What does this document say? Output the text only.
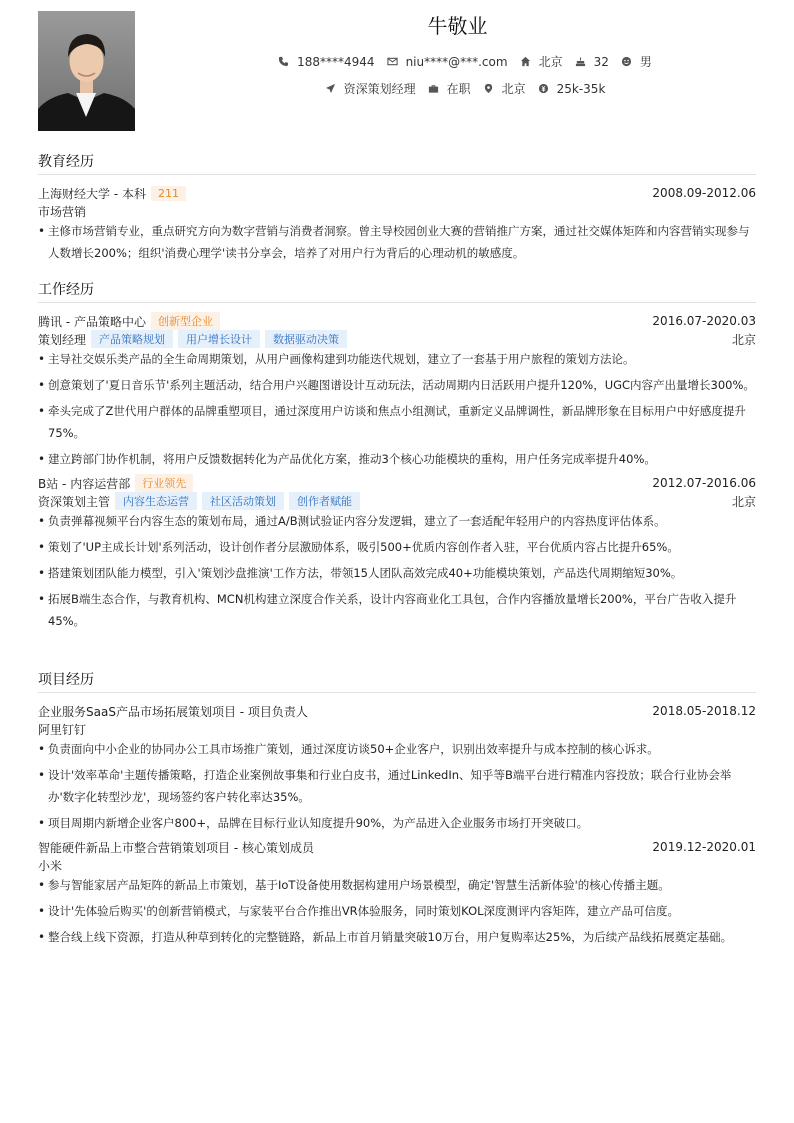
牛敬业
188****4944	niu****@***.com	北京	32	男
资深策划经理	在职	北京	25k-35k
教育经历
上海财经大学 - 本科	211	2008.09-2012.06
市场营销
• 主修市场营销专业，重点研究方向为数字营销与消费者洞察。曾主导校园创业大赛的营销推广方案，通过社交媒体矩阵和内容营销实现参与人数增长200%；组织'消费心理学'读书分享会，培养了对用户行为背后的心理动机的敏感度。
工作经历
腾讯 - 产品策略中心	创新型企业	2016.07-2020.03
策划经理	产品策略规划	用户增长设计	数据驱动决策	北京
• 主导社交娱乐类产品的全生命周期策划，从用户画像构建到功能迭代规划，建立了一套基于用户旅程的策划方法论。
• 创意策划了'夏日音乐节'系列主题活动，结合用户兴趣图谱设计互动玩法，活动周期内日活跃用户提升120%，UGC内容产出量增长300%。
• 牵头完成了Z世代用户群体的品牌重塑项目，通过深度用户访谈和焦点小组测试，重新定义品牌调性，新品牌形象在目标用户中好感度提升75%。
• 建立跨部门协作机制，将用户反馈数据转化为产品优化方案，推动3个核心功能模块的重构，用户任务完成率提升40%。
B站 - 内容运营部	行业领先	2012.07-2016.06
资深策划主管	内容生态运营	社区活动策划	创作者赋能	北京
• 负责弹幕视频平台内容生态的策划布局，通过A/B测试验证内容分发逻辑，建立了一套适配年轻用户的内容热度评估体系。
• 策划了'UP主成长计划'系列活动，设计创作者分层激励体系，吸引500+优质内容创作者入驻，平台优质内容占比提升65%。
• 搭建策划团队能力模型，引入'策划沙盘推演'工作方法，带领15人团队高效完成40+功能模块策划，产品迭代周期缩短30%。
• 拓展B端生态合作，与教育机构、MCN机构建立深度合作关系，设计内容商业化工具包，合作内容播放量增长200%，平台广告收入提升45%。
项目经历
企业服务SaaS产品市场拓展策划项目 - 项目负责人	2018.05-2018.12
阿里钉钉
• 负责面向中小企业的协同办公工具市场推广策划，通过深度访谈50+企业客户，识别出效率提升与成本控制的核心诉求。
• 设计'效率革命'主题传播策略，打造企业案例故事集和行业白皮书，通过LinkedIn、知乎等B端平台进行精准内容投放；联合行业协会举办'数字化转型沙龙'，现场签约客户转化率达35%。
• 项目周期内新增企业客户800+，品牌在目标行业认知度提升90%，为产品进入企业服务市场打开突破口。
智能硬件新品上市整合营销策划项目 - 核心策划成员	2019.12-2020.01
小米
• 参与智能家居产品矩阵的新品上市策划，基于IoT设备使用数据构建用户场景模型，确定'智慧生活新体验'的核心传播主题。
• 设计'先体验后购买'的创新营销模式，与家装平台合作推出VR体验服务，同时策划KOL深度测评内容矩阵，建立产品可信度。
• 整合线上线下资源，打造从种草到转化的完整链路，新品上市首月销量突破10万台，用户复购率达25%，为后续产品线拓展奠定基础。
